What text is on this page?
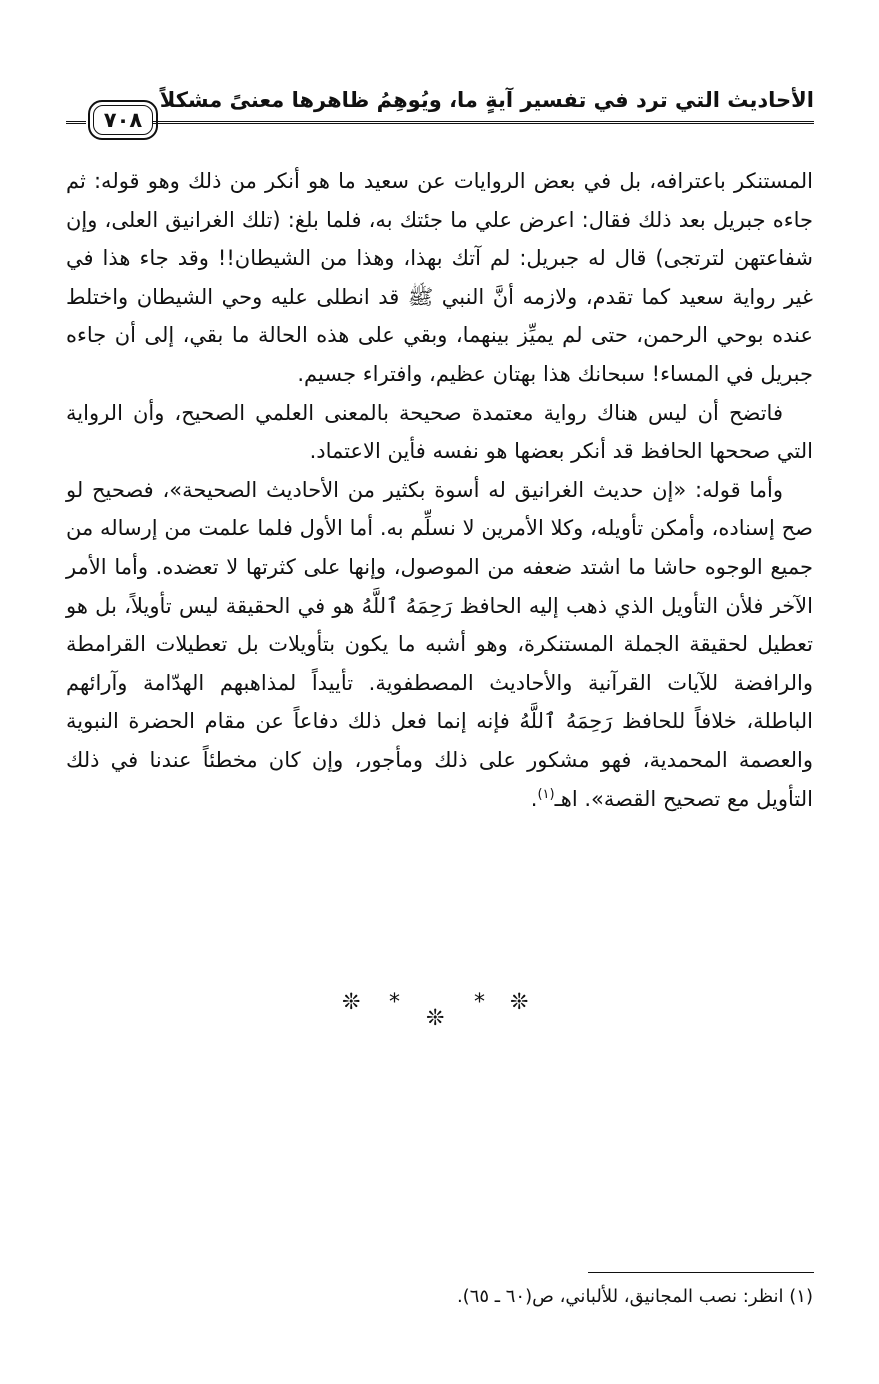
الأحاديث التي ترد في تفسير آيةٍ ما، ويُوهِمُ ظاهرها معنىً مشكلاً
٧٠٨

المستنكر باعترافه، بل في بعض الروايات عن سعيد ما هو أنكر من ذلك وهو قوله: ثم جاءه جبريل بعد ذلك فقال: اعرض علي ما جئتك به، فلما بلغ: (تلك الغرانيق العلى، وإن شفاعتهن لترتجى) قال له جبريل: لم آتك بهذا، وهذا من الشيطان!! وقد جاء هذا في غير رواية سعيد كما تقدم، ولازمه أنَّ النبي ﷺ قد انطلى عليه وحي الشيطان واختلط عنده بوحي الرحمن، حتى لم يميِّز بينهما، وبقي على هذه الحالة ما بقي، إلى أن جاءه جبريل في المساء! سبحانك هذا بهتان عظيم، وافتراء جسيم.

فاتضح أن ليس هناك رواية معتمدة صحيحة بالمعنى العلمي الصحيح، وأن الرواية التي صححها الحافظ قد أنكر بعضها هو نفسه فأين الاعتماد.

وأما قوله: «إن حديث الغرانيق له أسوة بكثير من الأحاديث الصحيحة»، فصحيح لو صح إسناده، وأمكن تأويله، وكلا الأمرين لا نسلِّم به. أما الأول فلما علمت من إرساله من جميع الوجوه حاشا ما اشتد ضعفه من الموصول، وإنها على كثرتها لا تعضده. وأما الأمر الآخر فلأن التأويل الذي ذهب إليه الحافظ رَحِمَهُ ٱللَّهُ هو في الحقيقة ليس تأويلاً، بل هو تعطيل لحقيقة الجملة المستنكرة، وهو أشبه ما يكون بتأويلات بل تعطيلات القرامطة والرافضة للآيات القرآنية والأحاديث المصطفوية. تأييداً لمذاهبهم الهدّامة وآرائهم الباطلة، خلافاً للحافظ رَحِمَهُ ٱللَّهُ فإنه إنما فعل ذلك دفاعاً عن مقام الحضرة النبوية والعصمة المحمدية، فهو مشكور على ذلك ومأجور، وإن كان مخطئاً عندنا في ذلك التأويل مع تصحيح القصة». اهـ$^{(١)}$.

❊ *
❊
* ❊
(١) انظر: نصب المجانيق، للألباني، ص(٦٠ ـ ٦٥).
